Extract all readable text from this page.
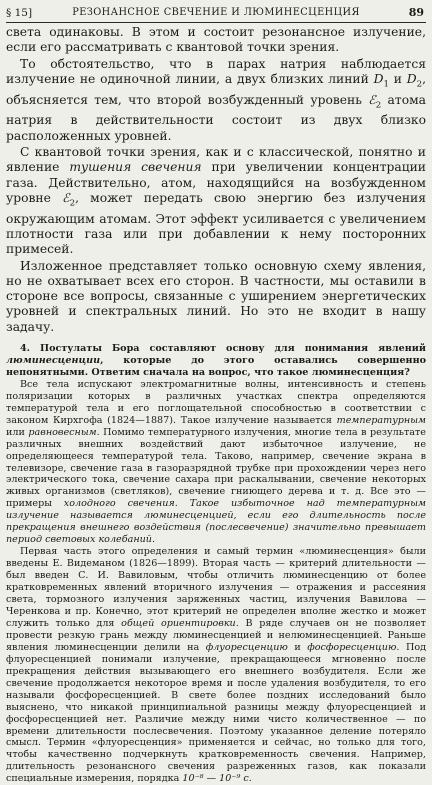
§ 15]	РЕЗОНАНСНОЕ СВЕЧЕНИЕ И ЛЮМИНЕСЦЕНЦИЯ	89

света одинаковы. В этом и состоит резонансное излучение, если его рассматривать с квантовой точки зрения.

То обстоятельство, что в парах натрия наблюдается излучение не одиночной линии, а двух близких линий $D_1$ и $D_2$, объясняется тем, что второй возбужденный уровень ℰ$_2$ атома натрия в действительности состоит из двух близко расположенных уровней.

С квантовой точки зрения, как и с классической, понятно и явление тушения свечения при увеличении концентрации газа. Действительно, атом, находящийся на возбужденном уровне ℰ$_2$, может передать свою энергию без излучения окружающим атомам. Этот эффект усиливается с увеличением плотности газа или при добавлении к нему посторонних примесей.

Изложенное представляет только основную схему явления, но не охватывает всех его сторон. В частности, мы оставили в стороне все вопросы, связанные с уширением энергетических уровней и спектральных линий. Но это не входит в нашу задачу.

4. Постулаты Бора составляют основу для понимания явлений люминесценции, которые до этого оставались совершенно непонятными. Ответим сначала на вопрос, что такое люминесценция?

Все тела испускают электромагнитные волны, интенсивность и степень поляризации которых в различных участках спектра определяются температурой тела и его поглощательной способностью в соответствии с законом Кирхгофа (1824—1887). Такое излучение называется температурным или равновесным. Помимо температурного излучения, многие тела в результате различных внешних воздействий дают избыточное излучение, не определяющееся температурой тела. Таково, например, свечение экрана в телевизоре, свечение газа в газоразрядной трубке при прохождении через него электрического тока, свечение сахара при раскалывании, свечение некоторых живых организмов (светляков), свечение гниющего дерева и т. д. Все это — примеры холодного свечения. Такое избыточное над температурным излучение называется люминесценцией, если его длительность после прекращения внешнего воздействия (послесвечение) значительно превышает период световых колебаний.

Первая часть этого определения и самый термин «люминесценция» были введены Е. Видеманом (1826—1899). Вторая часть — критерий длительности — был введен С. И. Вавиловым, чтобы отличить люминесценцию от более кратковременных явлений вторичного излучения — отражения и рассеяния света, тормозного излучения заряженных частиц, излучения Вавилова — Черенкова и пр. Конечно, этот критерий не определен вполне жестко и может служить только для общей ориентировки. В ряде случаев он не позволяет провести резкую грань между люминесценцией и нелюминесценцией. Раньше явления люминесценции делили на флуоресценцию и фосфоресценцию. Под флуоресценцией понимали излучение, прекращающееся мгновенно после прекращения действия вызывающего его внешнего возбудителя. Если же свечение продолжается некоторое время и после удаления возбудителя, то его называли фосфоресценцией. В свете более поздних исследований было выяснено, что никакой принципиальной разницы между флуоресценцией и фосфоресценцией нет. Различие между ними чисто количественное — по времени длительности послесвечения. Поэтому указанное деление потеряло смысл. Термин «флуоресценция» применяется и сейчас, но только для того, чтобы качественно подчеркнуть кратковременность свечения. Например, длительность резонансного свечения разреженных газов, как показали специальные измерения, порядка 10⁻⁸ — 10⁻⁹ с.
